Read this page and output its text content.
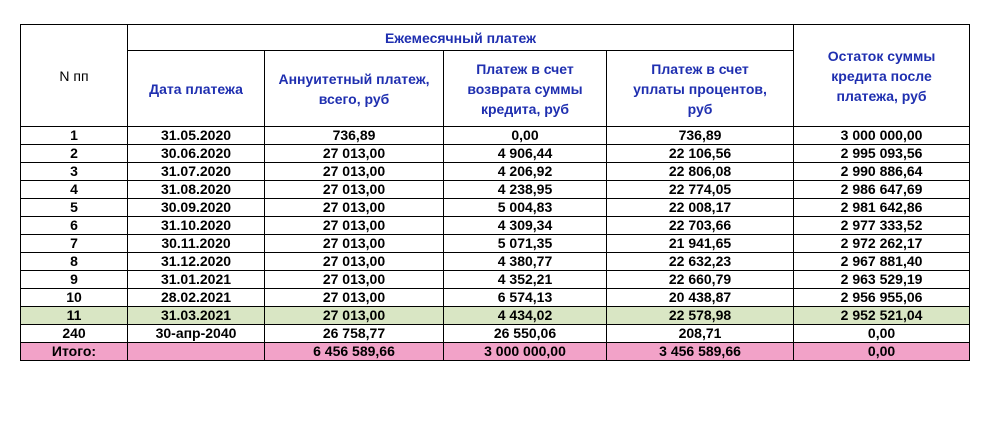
N пп	Ежемесячный платеж				Остаток суммы кредита после платежа, руб
	Дата платежа	Аннуитетный платеж, всего, руб	Платеж в счет возврата суммы кредита, руб	Платеж в счет уплаты процентов, руб	
1	31.05.2020	736,89	0,00	736,89	3 000 000,00
2	30.06.2020	27 013,00	4 906,44	22 106,56	2 995 093,56
3	31.07.2020	27 013,00	4 206,92	22 806,08	2 990 886,64
4	31.08.2020	27 013,00	4 238,95	22 774,05	2 986 647,69
5	30.09.2020	27 013,00	5 004,83	22 008,17	2 981 642,86
6	31.10.2020	27 013,00	4 309,34	22 703,66	2 977 333,52
7	30.11.2020	27 013,00	5 071,35	21 941,65	2 972 262,17
8	31.12.2020	27 013,00	4 380,77	22 632,23	2 967 881,40
9	31.01.2021	27 013,00	4 352,21	22 660,79	2 963 529,19
10	28.02.2021	27 013,00	6 574,13	20 438,87	2 956 955,06
11	31.03.2021	27 013,00	4 434,02	22 578,98	2 952 521,04
240	30-апр-2040	26 758,77	26 550,06	208,71	0,00
Итого:		6 456 589,66	3 000 000,00	3 456 589,66	0,00
